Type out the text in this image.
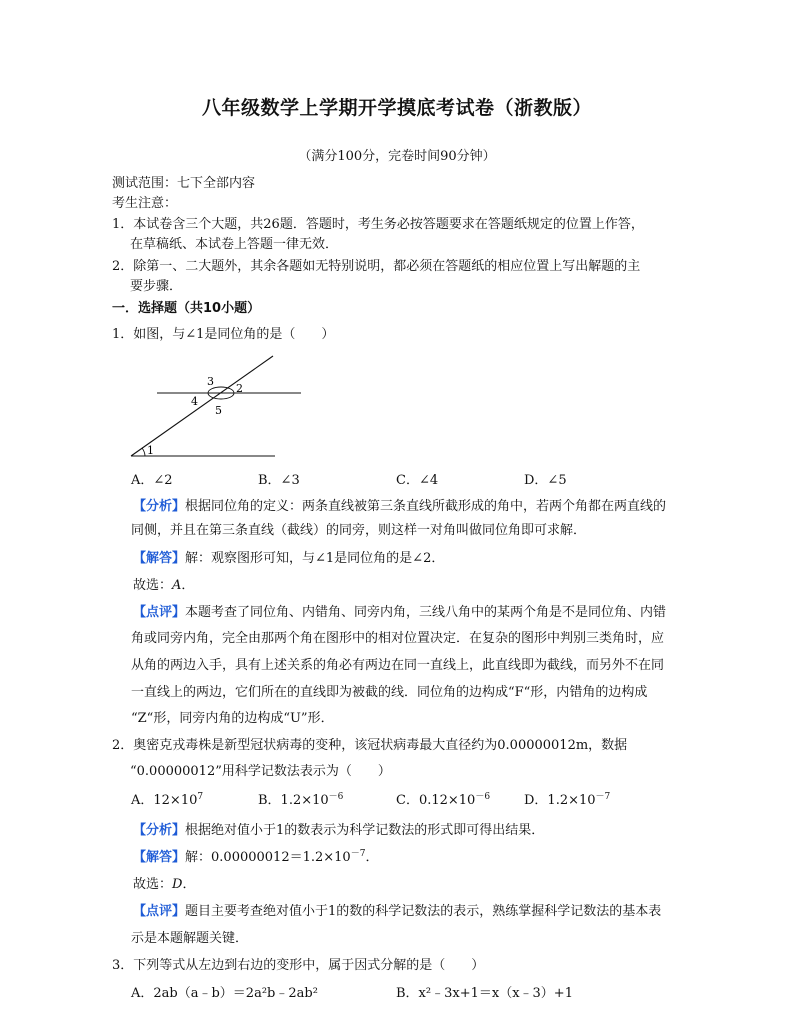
八年级数学上学期开学摸底考试卷（浙教版）
（满分100分，完卷时间90分钟）
测试范围：七下全部内容
考生注意：
1．本试卷含三个大题，共26题．答题时，考生务必按答题要求在答题纸规定的位置上作答，
在草稿纸、本试卷上答题一律无效．
2．除第一、二大题外，其余各题如无特别说明，都必须在答题纸的相应位置上写出解题的主
要步骤．
一．选择题（共10小题）
1．如图，与∠1是同位角的是（　　）
1
2
3
4
5
A．∠2	B．∠3	C．∠4	D．∠5
【分析】根据同位角的定义：两条直线被第三条直线所截形成的角中，若两个角都在两直线的
同侧，并且在第三条直线（截线）的同旁，则这样一对角叫做同位角即可求解．
【解答】解：观察图形可知，与∠1是同位角的是∠2．
故选：A．
【点评】本题考查了同位角、内错角、同旁内角，三线八角中的某两个角是不是同位角、内错
角或同旁内角，完全由那两个角在图形中的相对位置决定．在复杂的图形中判别三类角时，应
从角的两边入手，具有上述关系的角必有两边在同一直线上，此直线即为截线，而另外不在同
一直线上的两边，它们所在的直线即为被截的线．同位角的边构成“F“形，内错角的边构成
“Z“形，同旁内角的边构成“U”形．
2．奥密克戎毒株是新型冠状病毒的变种，该冠状病毒最大直径约为0.00000012m，数据
“0.00000012”用科学记数法表示为（　　）
A．$12\times 10^7$	B．$1.2\times 10^{-6}$	C．$0.12\times 10^{-6}$	D．$1.2\times 10^{-7}$
【分析】根据绝对值小于1的数表示为科学记数法的形式即可得出结果．
【解答】解：$0.00000012=1.2\times 10^{-7}$．
故选：D．
【点评】题目主要考查绝对值小于1的数的科学记数法的表示，熟练掌握科学记数法的基本表
示是本题解题关键．
3．下列等式从左边到右边的变形中，属于因式分解的是（　　）
A．2ab（a﹣b）＝2a²b﹣2ab²	B．x²﹣3x+1＝x（x﹣3）+1
